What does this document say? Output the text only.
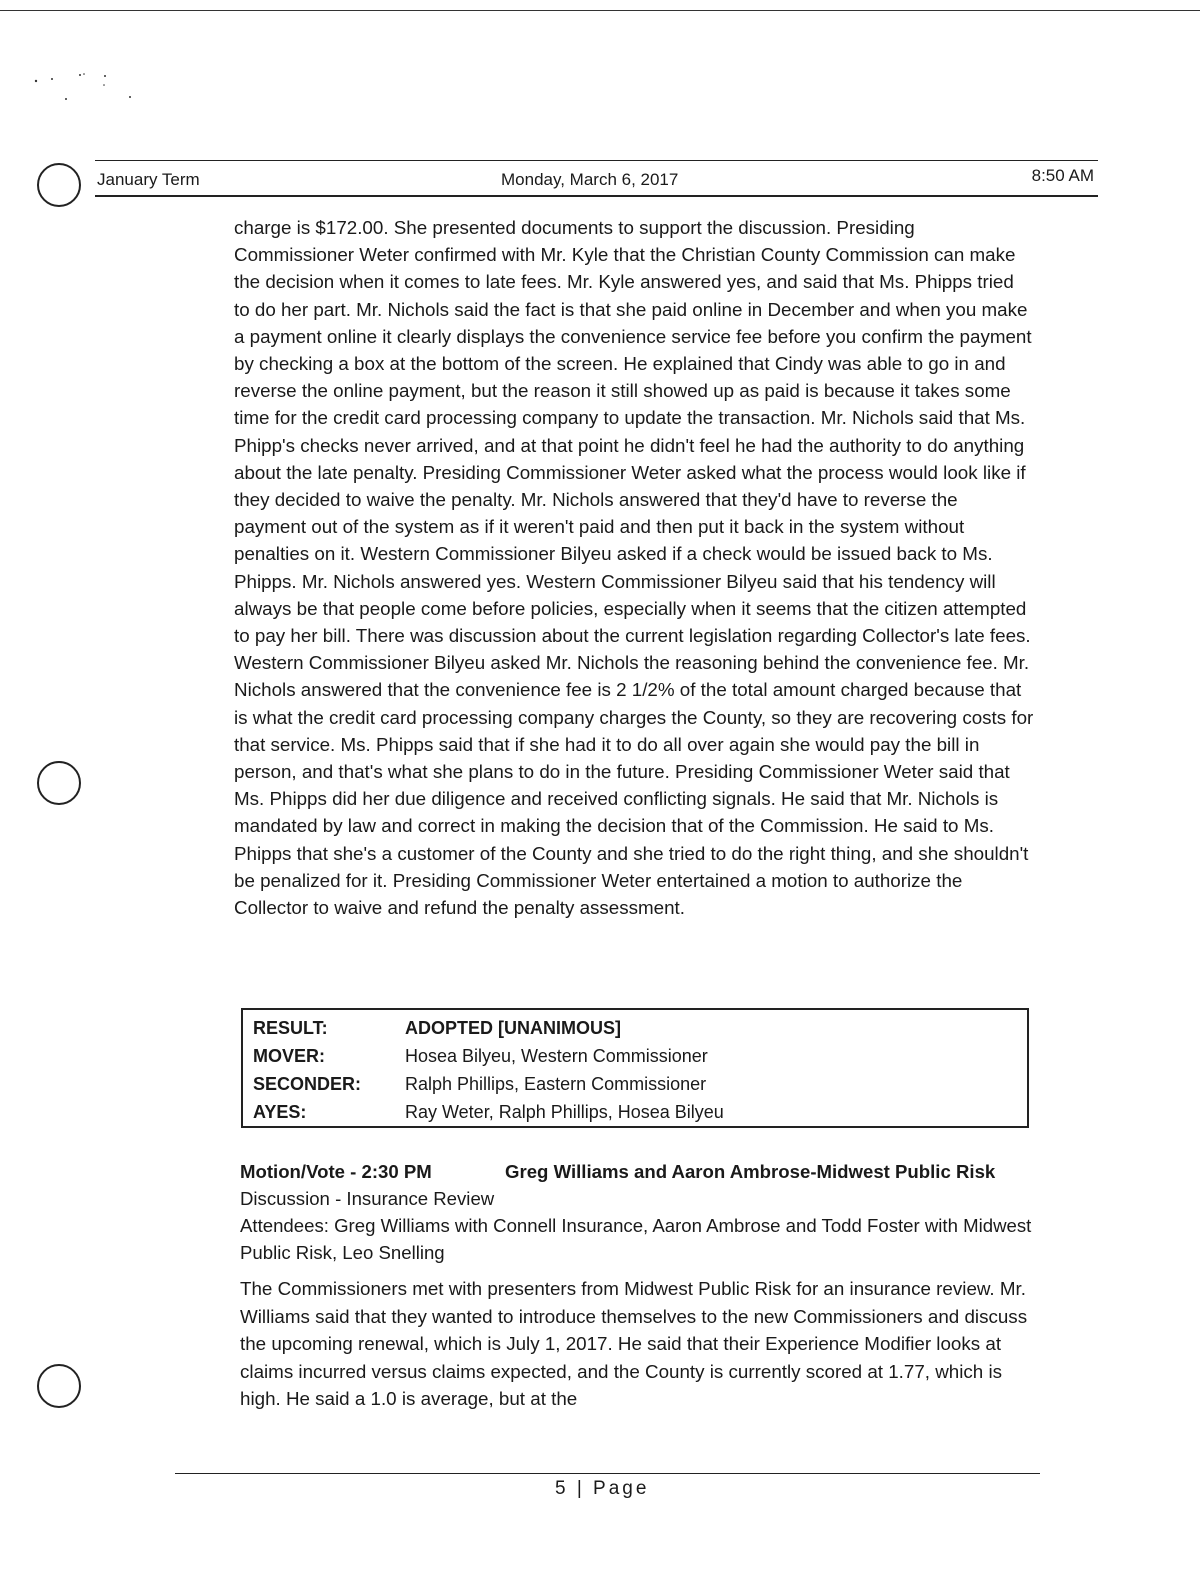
January Term	Monday, March 6, 2017	8:50 AM

charge is $172.00. She presented documents to support the discussion. Presiding Commissioner Weter confirmed with Mr. Kyle that the Christian County Commission can make the decision when it comes to late fees. Mr. Kyle answered yes, and said that Ms. Phipps tried to do her part. Mr. Nichols said the fact is that she paid online in December and when you make a payment online it clearly displays the convenience service fee before you confirm the payment by checking a box at the bottom of the screen. He explained that Cindy was able to go in and reverse the online payment, but the reason it still showed up as paid is because it takes some time for the credit card processing company to update the transaction. Mr. Nichols said that Ms. Phipp's checks never arrived, and at that point he didn't feel he had the authority to do anything about the late penalty. Presiding Commissioner Weter asked what the process would look like if they decided to waive the penalty. Mr. Nichols answered that they'd have to reverse the payment out of the system as if it weren't paid and then put it back in the system without penalties on it. Western Commissioner Bilyeu asked if a check would be issued back to Ms. Phipps. Mr. Nichols answered yes. Western Commissioner Bilyeu said that his tendency will always be that people come before policies, especially when it seems that the citizen attempted to pay her bill. There was discussion about the current legislation regarding Collector's late fees. Western Commissioner Bilyeu asked Mr. Nichols the reasoning behind the convenience fee. Mr. Nichols answered that the convenience fee is 2 1/2% of the total amount charged because that is what the credit card processing company charges the County, so they are recovering costs for that service. Ms. Phipps said that if she had it to do all over again she would pay the bill in person, and that's what she plans to do in the future. Presiding Commissioner Weter said that Ms. Phipps did her due diligence and received conflicting signals. He said that Mr. Nichols is mandated by law and correct in making the decision that of the Commission. He said to Ms. Phipps that she's a customer of the County and she tried to do the right thing, and she shouldn't be penalized for it. Presiding Commissioner Weter entertained a motion to authorize the Collector to waive and refund the penalty assessment.

RESULT:	ADOPTED [UNANIMOUS]
MOVER:	Hosea Bilyeu, Western Commissioner
SECONDER: Ralph Phillips, Eastern Commissioner
AYES:	Ray Weter, Ralph Phillips, Hosea Bilyeu
Motion/Vote - 2:30 PM	Greg Williams and Aaron Ambrose-Midwest Public Risk

Discussion - Insurance Review

Attendees: Greg Williams with Connell Insurance, Aaron Ambrose and Todd Foster with Midwest Public Risk, Leo Snelling

The Commissioners met with presenters from Midwest Public Risk for an insurance review. Mr. Williams said that they wanted to introduce themselves to the new Commissioners and discuss the upcoming renewal, which is July 1, 2017. He said that their Experience Modifier looks at claims incurred versus claims expected, and the County is currently scored at 1.77, which is high. He said a 1.0 is average, but at the

5 | Page
